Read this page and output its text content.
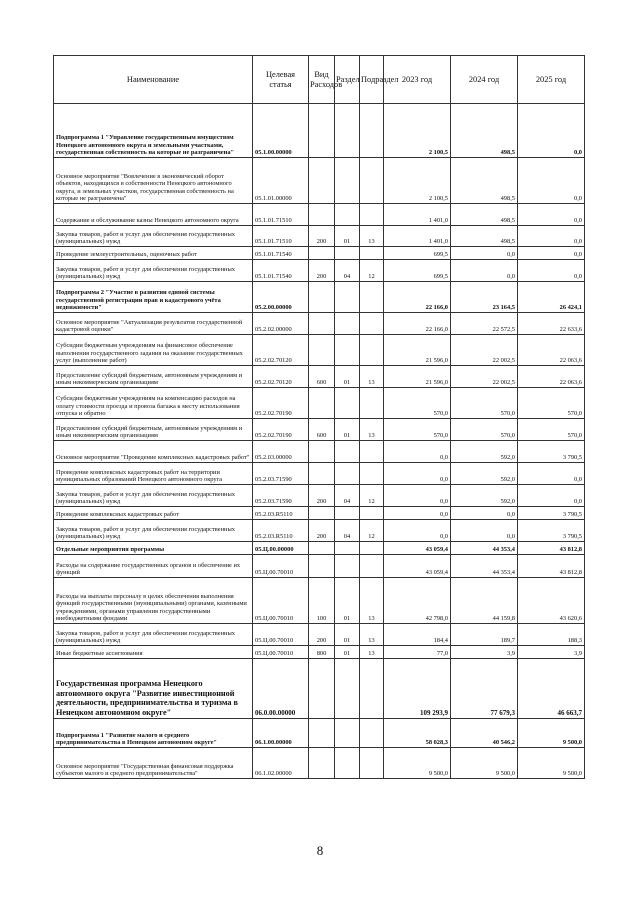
Наименование	Целевая статья	Вид Расходов	Раздел	Подраздел	2023 год	2024 год	2025 год
Подпрограмма 1 "Управление государственным имуществом Ненецкого автономного округа и земельными участками, государственная собственность на которые не разграничена"	05.1.00.00000				2 100,5	498,5	0,0
Основное мероприятие "Вовлечение в экономический оборот объектов, находящихся в собственности Ненецкого автономного округа, и земельных участков, государственная собственность на которые не разграничена"	05.1.01.00000				2 100,5	498,5	0,0
Содержание и обслуживание казны Ненецкого автономного округа	05.1.01.71510				1 401,0	498,5	0,0
Закупка товаров, работ и услуг для обеспечения государственных (муниципальных) нужд	05.1.01.71510	200	01	13	1 401,0	498,5	0,0
Проведение землеустроительных, оценочных работ	05.1.01.71540				699,5	0,0	0,0
Закупка товаров, работ и услуг для обеспечения государственных (муниципальных) нужд	05.1.01.71540	200	04	12	699,5	0,0	0,0
Подпрограмма 2 "Участие в развитии единой системы государственной регистрации прав и кадастрового учёта недвижимости"	05.2.00.00000				22 166,0	23 164,5	26 424,1
Основное мероприятие "Актуализация результатов государственной кадастровой оценки"	05.2.02.00000				22 166,0	22 572,5	22 633,6
Субсидии бюджетным учреждениям на финансовое обеспечение выполнения государственного задания на оказание государственных услуг (выполнение работ)	05.2.02.70120				21 596,0	22 002,5	22 063,6
Предоставление субсидий бюджетным, автономным учреждениям и иным некоммерческим организациям	05.2.02.70120	600	01	13	21 596,0	22 002,5	22 063,6
Субсидии бюджетным учреждениям на компенсацию расходов на оплату стоимости проезда и провоза багажа к месту использования отпуска и обратно	05.2.02.70190				570,0	570,0	570,0
Предоставление субсидий бюджетным, автономным учреждениям и иным некоммерческим организациям	05.2.02.70190	600	01	13	570,0	570,0	570,0
Основное мероприятие "Проведение комплексных кадастровых работ"	05.2.03.00000				0,0	592,0	3 790,5
Проведение комплексных кадастровых работ на территории муниципальных образований Ненецкого автономного округа	05.2.03.71590				0,0	592,0	0,0
Закупка товаров, работ и услуг для обеспечения государственных (муниципальных) нужд	05.2.03.71590	200	04	12	0,0	592,0	0,0
Проведение комплексных кадастровых работ	05.2.03.R5110				0,0	0,0	3 790,5
Закупка товаров, работ и услуг для обеспечения государственных (муниципальных) нужд	05.2.03.R5110	200	04	12	0,0	0,0	3 790,5
Отдельные мероприятия программы	05.Ц.00.00000				43 059,4	44 353,4	43 812,8
Расходы на содержание государственных органов и обеспечение их функций	05.Ц.00.70010				43 059,4	44 353,4	43 812,8
Расходы на выплаты персоналу в целях обеспечения выполнения функций государственными (муниципальными) органами, казенными учреждениями, органами управления государственными внебюджетными фондами	05.Ц.00.70010	100	01	13	42 798,0	44 159,8	43 620,6
Закупка товаров, работ и услуг для обеспечения государственных (муниципальных) нужд	05.Ц.00.70010	200	01	13	184,4	189,7	188,3
Иные бюджетные ассигнования	05.Ц.00.70010	800	01	13	77,0	3,9	3,9
Государственная программа Ненецкого автономного округа "Развитие инвестиционной деятельности, предпринимательства и туризма в Ненецком автономном округе"	06.0.00.00000				109 293,9	77 679,3	46 663,7
Подпрограмма 1 "Развитие малого и среднего предпринимательства в Ненецком автономном округе"	06.1.00.00000				58 028,3	40 546,2	9 500,0
Основное мероприятие "Государственная финансовая поддержка субъектов малого и среднего предпринимательства"	06.1.02.00000				9 500,0	9 500,0	9 500,0
8
